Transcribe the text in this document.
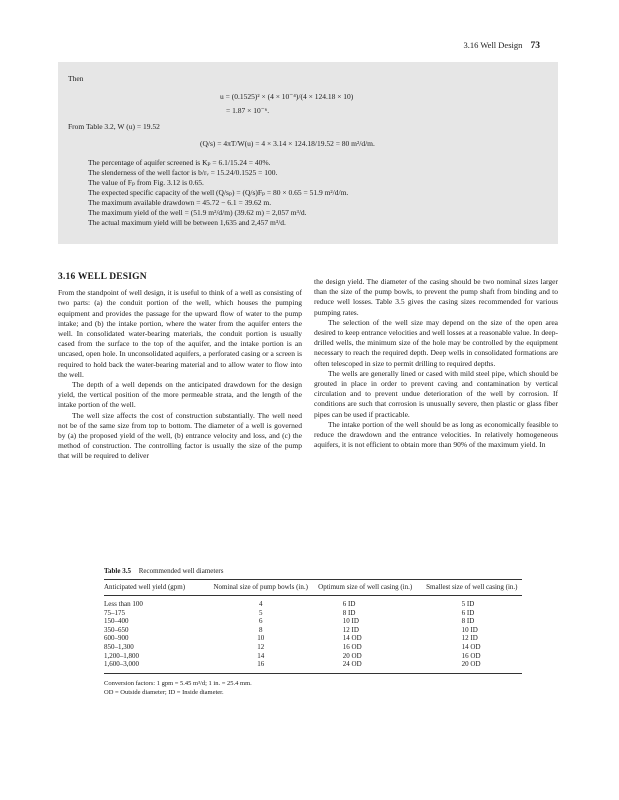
3.16 Well Design 73
Then
u = (0.1525)² × (4 × 10⁻⁴)/(4 × 124.18 × 10)
= 1.87 × 10⁻⁶.
From Table 3.2, W (u) = 19.52
(Q/s) = 4πT/W(u) = 4 × 3.14 × 124.18/19.52 = 80 m²/d/m.
The percentage of aquifer screened is Kₚ = 6.1/15.24 = 40%.
The slenderness of the well factor is b/rᵥ = 15.24/0.1525 = 100.
The value of Fₚ from Fig. 3.12 is 0.65.
The expected specific capacity of the well (Q/sₚ) = (Q/s)Fₚ = 80 × 0.65 = 51.9 m²/d/m.
The maximum available drawdown = 45.72 − 6.1 = 39.62 m.
The maximum yield of the well = (51.9 m²/d/m) (39.62 m) = 2,057 m³/d.
The actual maximum yield will be between 1,635 and 2,457 m³/d.
3.16 WELL DESIGN

From the standpoint of well design, it is useful to think of a well as consisting of two parts: (a) the conduit portion of the well, which houses the pumping equipment and provides the passage for the upward flow of water to the pump intake; and (b) the intake portion, where the water from the aquifer enters the well. In consolidated water-bearing materials, the conduit portion is usually cased from the surface to the top of the aquifer, and the intake portion is an uncased, open hole. In unconsolidated aquifers, a perforated casing or a screen is required to hold back the water-bearing material and to allow water to flow into the well.

The depth of a well depends on the anticipated drawdown for the design yield, the vertical position of the more permeable strata, and the length of the intake portion of the well.

The well size affects the cost of construction substantially. The well need not be of the same size from top to bottom. The diameter of a well is governed by (a) the proposed yield of the well, (b) entrance velocity and loss, and (c) the method of construction. The controlling factor is usually the size of the pump that will be required to deliver

the design yield. The diameter of the casing should be two nominal sizes larger than the size of the pump bowls, to prevent the pump shaft from binding and to reduce well losses. Table 3.5 gives the casing sizes recommended for various pumping rates.

The selection of the well size may depend on the size of the open area desired to keep entrance velocities and well losses at a reasonable value. In deep-drilled wells, the minimum size of the hole may be controlled by the equipment necessary to reach the required depth. Deep wells in consolidated formations are often telescoped in size to permit drilling to required depths.

The wells are generally lined or cased with mild steel pipe, which should be grouted in place in order to prevent caving and contamination by vertical circulation and to prevent undue deterioration of the well by corrosion. If conditions are such that corrosion is unusually severe, then plastic or glass fiber pipes can be used if practicable.

The intake portion of the well should be as long as economically feasible to reduce the drawdown and the entrance velocities. In relatively homogeneous aquifers, it is not efficient to obtain more than 90% of the maximum yield. In

Table 3.5 Recommended well diameters
Anticipated well yield (gpm)	Nominal size of pump bowls (in.)	Optimum size of well casing (in.)	Smallest size of well casing (in.)
Less than 100	4	6 ID	5 ID
75–175	5	8 ID	6 ID
150–400	6	10 ID	8 ID
350–650	8	12 ID	10 ID
600–900	10	14 OD	12 ID
850–1,300	12	16 OD	14 OD
1,200–1,800	14	20 OD	16 OD
1,600–3,000	16	24 OD	20 OD
Conversion factors: 1 gpm = 5.45 m³/d; 1 in. = 25.4 mm.
OD = Outside diameter; ID = Inside diameter.
